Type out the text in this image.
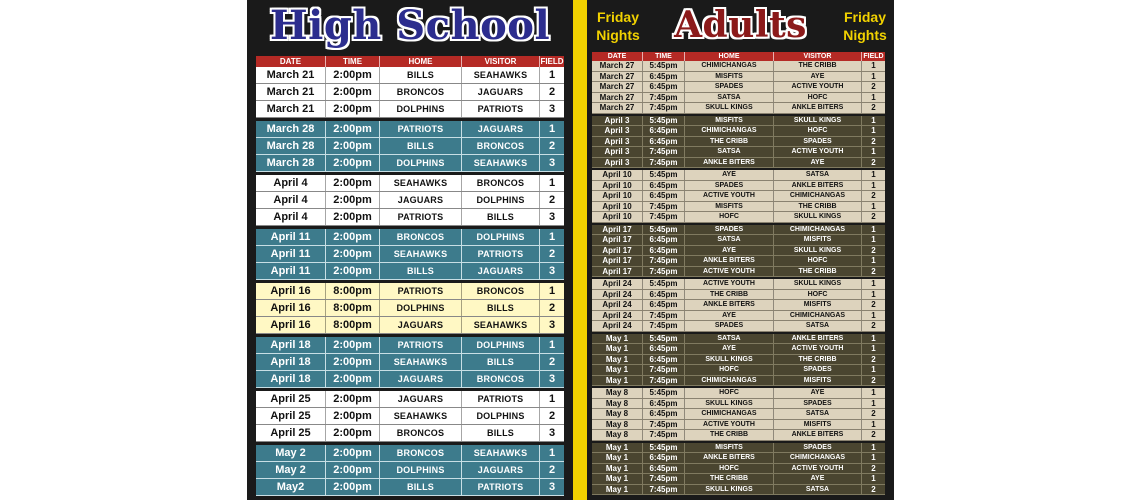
High School
DATE	TIME	HOME	VISITOR	FIELD
March 21	2:00pm	BILLS	SEAHAWKS	1
March 21	2:00pm	BRONCOS	JAGUARS	2
March 21	2:00pm	DOLPHINS	PATRIOTS	3
March 28	2:00pm	PATRIOTS	JAGUARS	1
March 28	2:00pm	BILLS	BRONCOS	2
March 28	2:00pm	DOLPHINS	SEAHAWKS	3
April 4	2:00pm	SEAHAWKS	BRONCOS	1
April 4	2:00pm	JAGUARS	DOLPHINS	2
April 4	2:00pm	PATRIOTS	BILLS	3
April 11	2:00pm	BRONCOS	DOLPHINS	1
April 11	2:00pm	SEAHAWKS	PATRIOTS	2
April 11	2:00pm	BILLS	JAGUARS	3
April 16	8:00pm	PATRIOTS	BRONCOS	1
April 16	8:00pm	DOLPHINS	BILLS	2
April 16	8:00pm	JAGUARS	SEAHAWKS	3
April 18	2:00pm	PATRIOTS	DOLPHINS	1
April 18	2:00pm	SEAHAWKS	BILLS	2
April 18	2:00pm	JAGUARS	BRONCOS	3
April 25	2:00pm	JAGUARS	PATRIOTS	1
April 25	2:00pm	SEAHAWKS	DOLPHINS	2
April 25	2:00pm	BRONCOS	BILLS	3
May 2	2:00pm	BRONCOS	SEAHAWKS	1
May 2	2:00pm	DOLPHINS	JAGUARS	2
May2	2:00pm	BILLS	PATRIOTS	3
Friday Nights Adults	Friday Nights
DATE	TIME	HOME	VISITOR	FIELD
March 27	5:45pm	CHIMICHANGAS	THE CRIBB	1
March 27	6:45pm	MISFITS	AYE	1
March 27	6:45pm	SPADES	ACTIVE YOUTH	2
March 27	7:45pm	SATSA	HOFC	1
March 27	7:45pm	SKULL KINGS	ANKLE BITERS	2
April 3	5:45pm	MISFITS	SKULL KINGS	1
April 3	6:45pm	CHIMICHANGAS	HOFC	1
April 3	6:45pm	THE CRIBB	SPADES	2
April 3	7:45pm	SATSA	ACTIVE YOUTH	1
April 3	7:45pm	ANKLE BITERS	AYE	2
April 10	5:45pm	AYE	SATSA	1
April 10	6:45pm	SPADES	ANKLE BITERS	1
April 10	6:45pm	ACTIVE YOUTH	CHIMICHANGAS	2
April 10	7:45pm	MISFITS	THE CRIBB	1
April 10	7:45pm	HOFC	SKULL KINGS	2
April 17	5:45pm	SPADES	CHIMICHANGAS	1
April 17	6:45pm	SATSA	MISFITS	1
April 17	6:45pm	AYE	SKULL KINGS	2
April 17	7:45pm	ANKLE BITERS	HOFC	1
April 17	7:45pm	ACTIVE YOUTH	THE CRIBB	2
April 24	5:45pm	ACTIVE YOUTH	SKULL KINGS	1
April 24	6:45pm	THE CRIBB	HOFC	1
April 24	6:45pm	ANKLE BITERS	MISFITS	2
April 24	7:45pm	AYE	CHIMICHANGAS	1
April 24	7:45pm	SPADES	SATSA	2
May 1	5:45pm	SATSA	ANKLE BITERS	1
May 1	6:45pm	AYE	ACTIVE YOUTH	1
May 1	6:45pm	SKULL KINGS	THE CRIBB	2
May 1	7:45pm	HOFC	SPADES	1
May 1	7:45pm	CHIMICHANGAS	MISFITS	2
May 8	5:45pm	HOFC	AYE	1
May 8	6:45pm	SKULL KINGS	SPADES	1
May 8	6:45pm	CHIMICHANGAS	SATSA	2
May 8	7:45pm	ACTIVE YOUTH	MISFITS	1
May 8	7:45pm	THE CRIBB	ANKLE BITERS	2
May 1	5:45pm	MISFITS	SPADES	1
May 1	6:45pm	ANKLE BITERS	CHIMICHANGAS	1
May 1	6:45pm	HOFC	ACTIVE YOUTH	2
May 1	7:45pm	THE CRIBB	AYE	1
May 1	7:45pm	SKULL KINGS	SATSA	2
